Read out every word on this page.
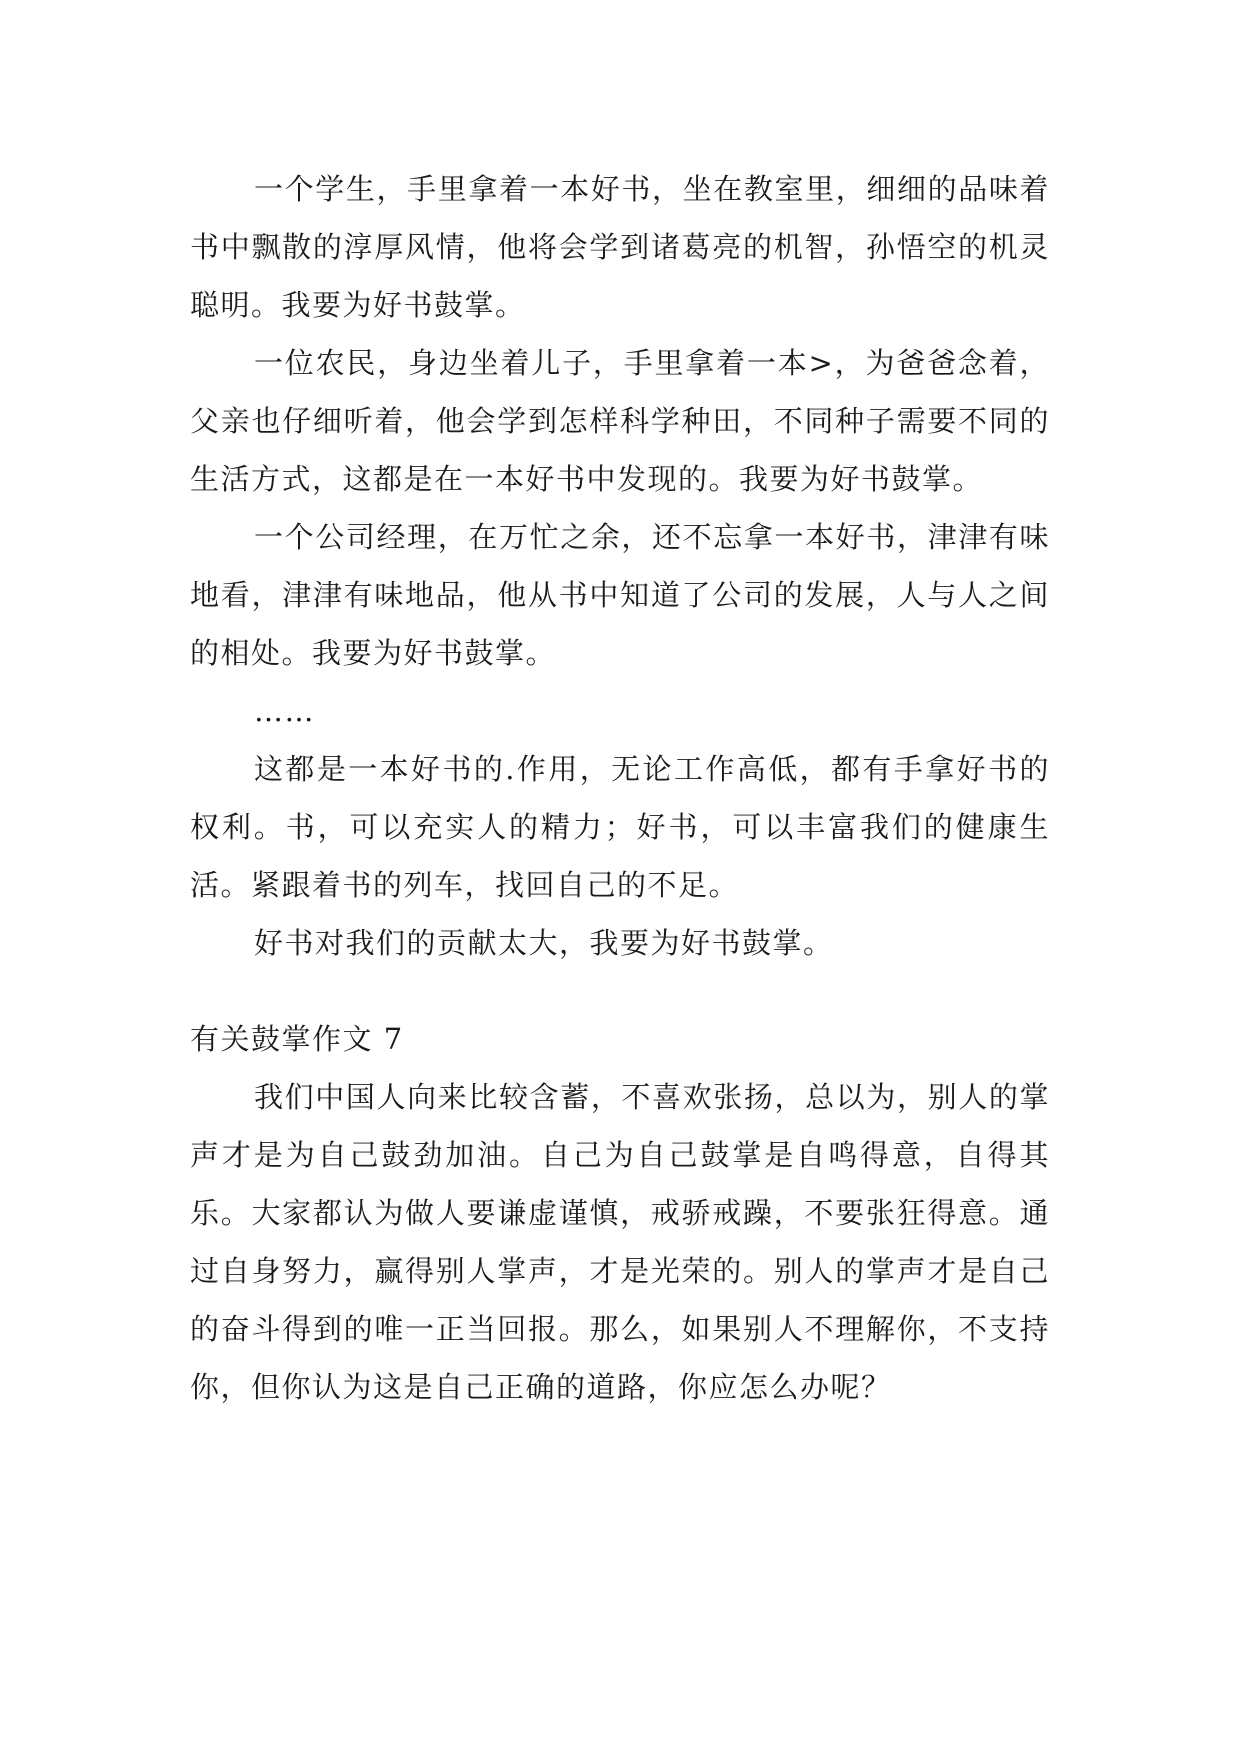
一个学生，手里拿着一本好书，坐在教室里，细细的品味着书中飘散的淳厚风情，他将会学到诸葛亮的机智，孙悟空的机灵聪明。我要为好书鼓掌。

一位农民，身边坐着儿子，手里拿着一本>，为爸爸念着，父亲也仔细听着，他会学到怎样科学种田，不同种子需要不同的生活方式，这都是在一本好书中发现的。我要为好书鼓掌。

一个公司经理，在万忙之余，还不忘拿一本好书，津津有味地看，津津有味地品，他从书中知道了公司的发展，人与人之间的相处。我要为好书鼓掌。

……

这都是一本好书的.作用，无论工作高低，都有手拿好书的权利。书，可以充实人的精力；好书，可以丰富我们的健康生活。紧跟着书的列车，找回自己的不足。

好书对我们的贡献太大，我要为好书鼓掌。

有关鼓掌作文 7

我们中国人向来比较含蓄，不喜欢张扬，总以为，别人的掌声才是为自己鼓劲加油。自己为自己鼓掌是自鸣得意，自得其乐。大家都认为做人要谦虚谨慎，戒骄戒躁，不要张狂得意。通过自身努力，赢得别人掌声，才是光荣的。别人的掌声才是自己的奋斗得到的唯一正当回报。那么，如果别人不理解你，不支持你，但你认为这是自己正确的道路，你应怎么办呢？
